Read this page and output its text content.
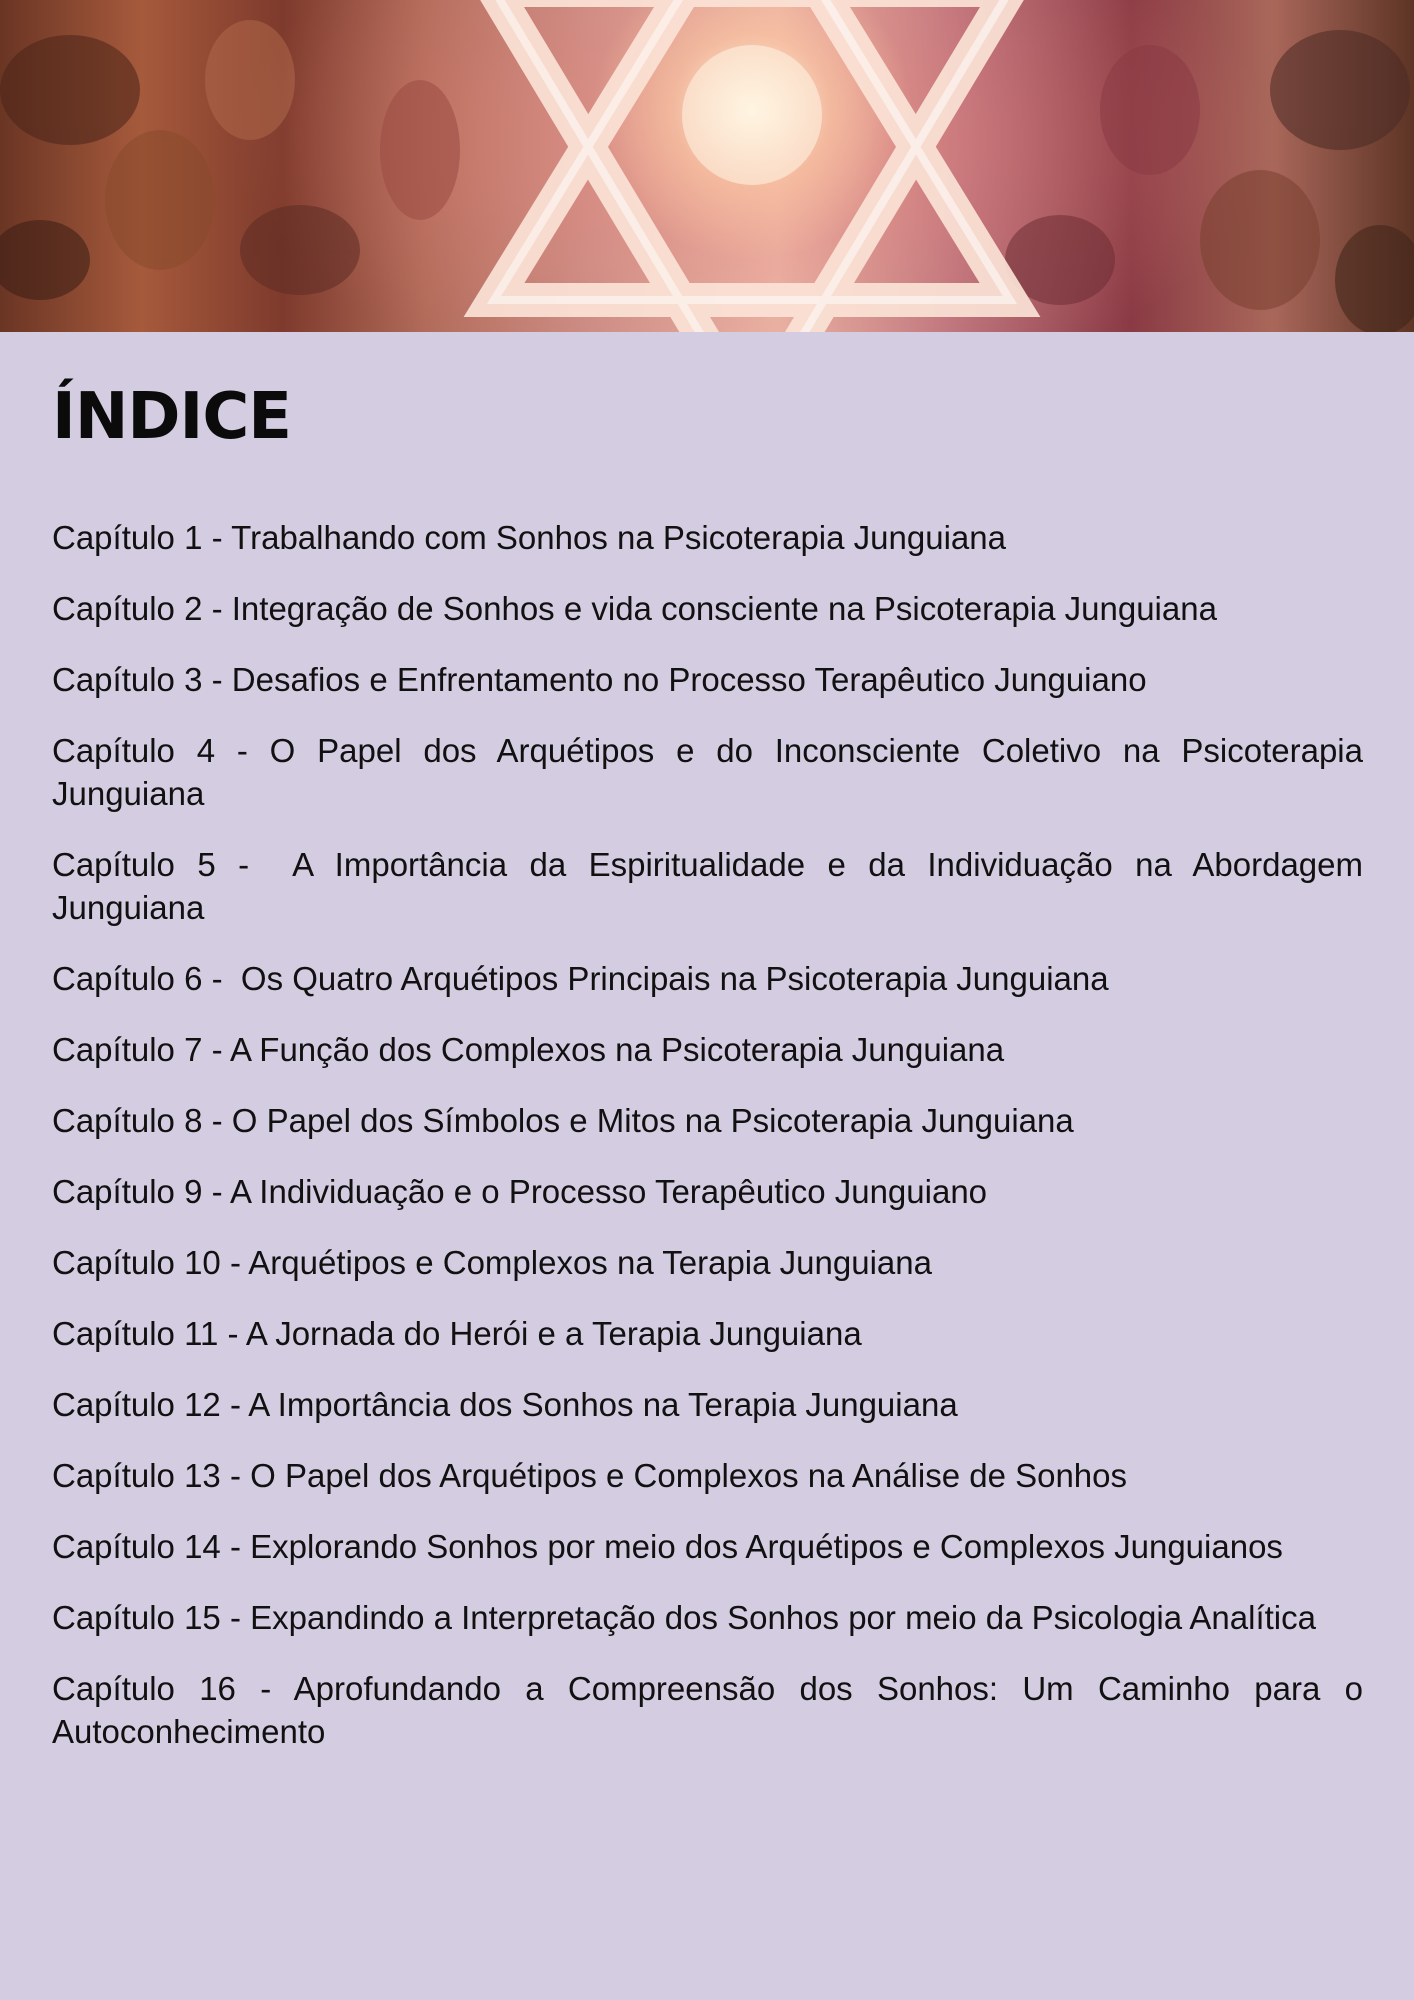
ÍNDICE
Capítulo 1 - Trabalhando com Sonhos na Psicoterapia Junguiana
Capítulo 2 - Integração de Sonhos e vida consciente na Psicoterapia Junguiana
Capítulo 3 - Desafios e Enfrentamento no Processo Terapêutico Junguiano
Capítulo 4 - O Papel dos Arquétipos e do Inconsciente Coletivo na Psicoterapia Junguiana
Capítulo 5 -  A Importância da Espiritualidade e da Individuação na Abordagem Junguiana
Capítulo 6 -  Os Quatro Arquétipos Principais na Psicoterapia Junguiana
Capítulo 7 - A Função dos Complexos na Psicoterapia Junguiana
Capítulo 8 - O Papel dos Símbolos e Mitos na Psicoterapia Junguiana
Capítulo 9 - A Individuação e o Processo Terapêutico Junguiano
Capítulo 10 - Arquétipos e Complexos na Terapia Junguiana
Capítulo 11 - A Jornada do Herói e a Terapia Junguiana
Capítulo 12 - A Importância dos Sonhos na Terapia Junguiana
Capítulo 13 - O Papel dos Arquétipos e Complexos na Análise de Sonhos
Capítulo 14 - Explorando Sonhos por meio dos Arquétipos e Complexos Junguianos
Capítulo 15 - Expandindo a Interpretação dos Sonhos por meio da Psicologia Analítica
Capítulo 16 - Aprofundando a Compreensão dos Sonhos: Um Caminho para o Autoconhecimento
